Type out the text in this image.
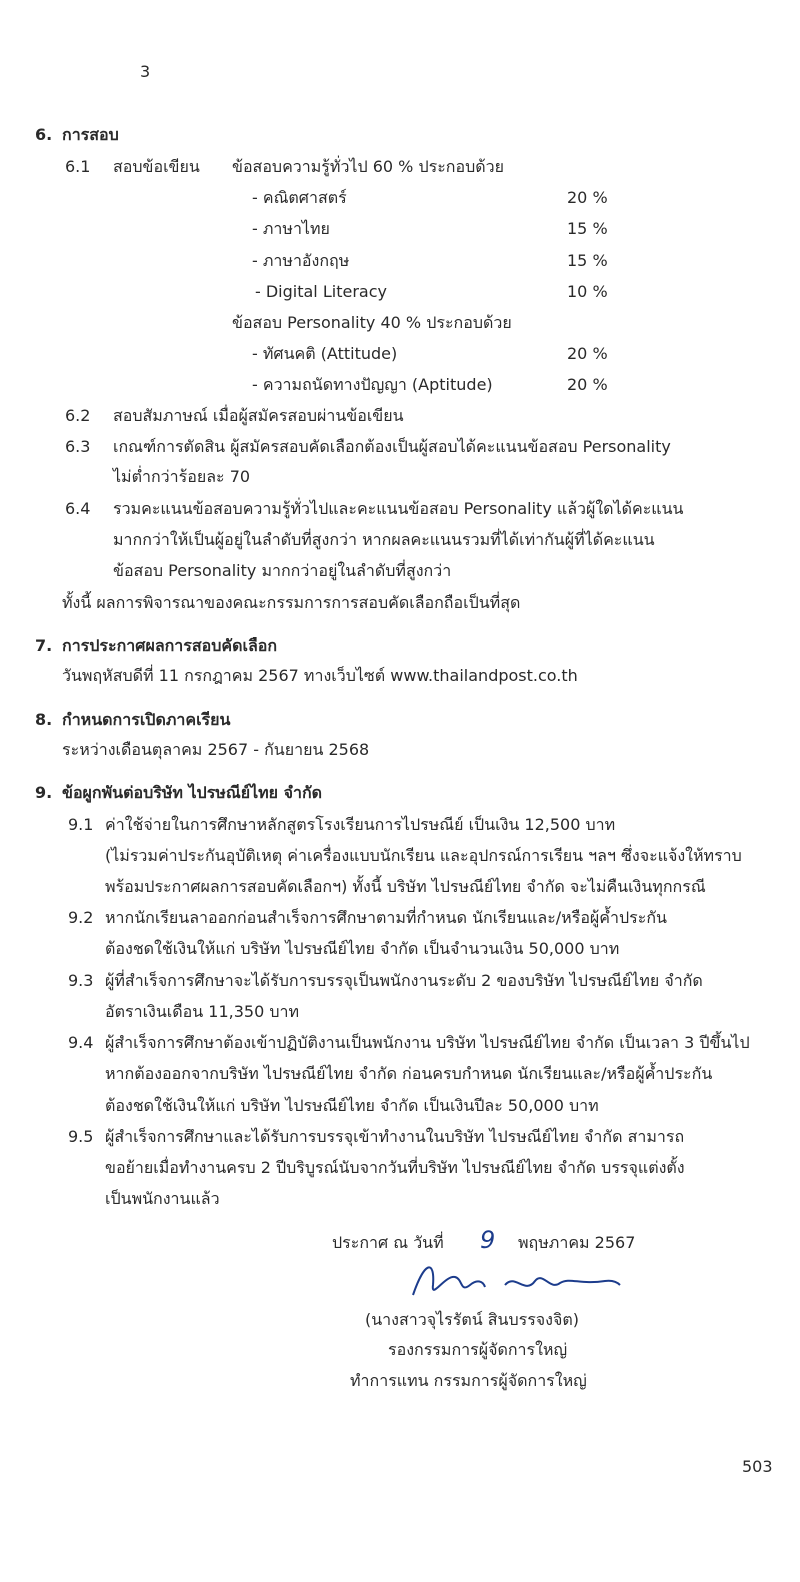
3
6. การสอบ
6.1 สอบข้อเขียน ข้อสอบความรู้ทั่วไป 60 % ประกอบด้วย
- คณิตศาสตร์	20 %
- ภาษาไทย	15 %
- ภาษาอังกฤษ	15 %
- Digital Literacy	10 %
ข้อสอบ Personality 40 % ประกอบด้วย
- ทัศนคติ (Attitude)	20 %
- ความถนัดทางปัญญา (Aptitude)	20 %
6.2 สอบสัมภาษณ์ เมื่อผู้สมัครสอบผ่านข้อเขียน
6.3 เกณฑ์การตัดสิน ผู้สมัครสอบคัดเลือกต้องเป็นผู้สอบได้คะแนนข้อสอบ Personality
ไม่ต่ำกว่าร้อยละ 70
6.4 รวมคะแนนข้อสอบความรู้ทั่วไปและคะแนนข้อสอบ Personality แล้วผู้ใดได้คะแนน
มากกว่าให้เป็นผู้อยู่ในลำดับที่สูงกว่า หากผลคะแนนรวมที่ได้เท่ากันผู้ที่ได้คะแนน
ข้อสอบ Personality มากกว่าอยู่ในลำดับที่สูงกว่า
ทั้งนี้ ผลการพิจารณาของคณะกรรมการการสอบคัดเลือกถือเป็นที่สุด
7. การประกาศผลการสอบคัดเลือก
วันพฤหัสบดีที่ 11 กรกฎาคม 2567 ทางเว็บไซต์ www.thailandpost.co.th
8. กำหนดการเปิดภาคเรียน
ระหว่างเดือนตุลาคม 2567 - กันยายน 2568
9. ข้อผูกพันต่อบริษัท ไปรษณีย์ไทย จำกัด
9.1 ค่าใช้จ่ายในการศึกษาหลักสูตรโรงเรียนการไปรษณีย์ เป็นเงิน 12,500 บาท
(ไม่รวมค่าประกันอุบัติเหตุ ค่าเครื่องแบบนักเรียน และอุปกรณ์การเรียน ฯลฯ ซึ่งจะแจ้งให้ทราบ
พร้อมประกาศผลการสอบคัดเลือกฯ) ทั้งนี้ บริษัท ไปรษณีย์ไทย จำกัด จะไม่คืนเงินทุกกรณี
9.2 หากนักเรียนลาออกก่อนสำเร็จการศึกษาตามที่กำหนด นักเรียนและ/หรือผู้ค้ำประกัน
ต้องชดใช้เงินให้แก่ บริษัท ไปรษณีย์ไทย จำกัด เป็นจำนวนเงิน 50,000 บาท
9.3 ผู้ที่สำเร็จการศึกษาจะได้รับการบรรจุเป็นพนักงานระดับ 2 ของบริษัท ไปรษณีย์ไทย จำกัด
อัตราเงินเดือน 11,350 บาท
9.4 ผู้สำเร็จการศึกษาต้องเข้าปฏิบัติงานเป็นพนักงาน บริษัท ไปรษณีย์ไทย จำกัด เป็นเวลา 3 ปีขึ้นไป
หากต้องออกจากบริษัท ไปรษณีย์ไทย จำกัด ก่อนครบกำหนด นักเรียนและ/หรือผู้ค้ำประกัน
ต้องชดใช้เงินให้แก่ บริษัท ไปรษณีย์ไทย จำกัด เป็นเงินปีละ 50,000 บาท
9.5 ผู้สำเร็จการศึกษาและได้รับการบรรจุเข้าทำงานในบริษัท ไปรษณีย์ไทย จำกัด สามารถ
ขอย้ายเมื่อทำงานครบ 2 ปีบริบูรณ์นับจากวันที่บริษัท ไปรษณีย์ไทย จำกัด บรรจุแต่งตั้ง
เป็นพนักงานแล้ว
ประกาศ ณ วันที่ 9 พฤษภาคม 2567
(นางสาวจุไรรัตน์ สินบรรจงจิต)
รองกรรมการผู้จัดการใหญ่
ทำการแทน กรรมการผู้จัดการใหญ่
503
